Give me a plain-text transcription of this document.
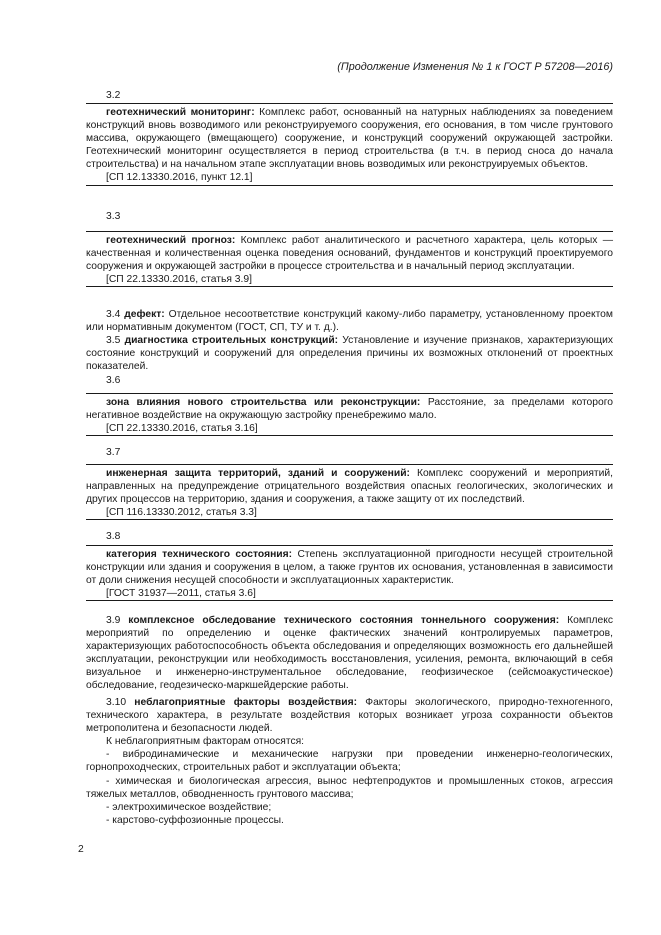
(Продолжение Изменения № 1 к ГОСТ Р 57208—2016)
3.2

геотехнический мониторинг: Комплекс работ, основанный на натурных наблюдениях за поведением конструкций вновь возводимого или реконструируемого сооружения, его основания, в том числе грунтового массива, окружающего (вмещающего) сооружение, и конструкций сооружений окружающей застройки. Геотехнический мониторинг осуществляется в период строительства (в т.ч. в период сноса до начала строительства) и на начальном этапе эксплуатации вновь возводимых или реконструируемых объектов.

[СП 12.13330.2016, пункт 12.1]

3.3

геотехнический прогноз: Комплекс работ аналитического и расчетного характера, цель которых — качественная и количественная оценка поведения оснований, фундаментов и конструкций проектируемого сооружения и окружающей застройки в процессе строительства и в начальный период эксплуатации.

[СП 22.13330.2016, статья 3.9]

3.4 дефект: Отдельное несоответствие конструкций какому-либо параметру, установленному проектом или нормативным документом (ГОСТ, СП, ТУ и т. д.).
3.5 диагностика строительных конструкций: Установление и изучение признаков, характеризующих состояние конструкций и сооружений для определения причины их возможных отклонений от проектных показателей.
3.6

зона влияния нового строительства или реконструкции: Расстояние, за пределами которого негативное воздействие на окружающую застройку пренебрежимо мало.

[СП 22.13330.2016, статья 3.16]

3.7

инженерная защита территорий, зданий и сооружений: Комплекс сооружений и мероприятий, направленных на предупреждение отрицательного воздействия опасных геологических, экологических и других процессов на территорию, здания и сооружения, а также защиту от их последствий.

[СП 116.13330.2012, статья 3.3]

3.8

категория технического состояния: Степень эксплуатационной пригодности несущей строительной конструкции или здания и сооружения в целом, а также грунтов их основания, установленная в зависимости от доли снижения несущей способности и эксплуатационных характеристик.

[ГОСТ 31937—2011, статья 3.6]

3.9 комплексное обследование технического состояния тоннельного сооружения: Комплекс мероприятий по определению и оценке фактических значений контролируемых параметров, характеризующих работоспособность объекта обследования и определяющих возможность его дальнейшей эксплуатации, реконструкции или необходимость восстановления, усиления, ремонта, включающий в себя визуальное и инженерно-инструментальное обследование, геофизическое (сейсмоакустическое) обследование, геодезическо-маркшейдерские работы.
3.10 неблагоприятные факторы воздействия: Факторы экологического, природно-техногенного, технического характера, в результате воздействия которых возникает угроза сохранности объектов метрополитена и безопасности людей.
К неблагоприятным факторам относятся:
- вибродинамические и механические нагрузки при проведении инженерно-геологических, горнопроходческих, строительных работ и эксплуатации объекта;
- химическая и биологическая агрессия, вынос нефтепродуктов и промышленных стоков, агрессия тяжелых металлов, обводненность грунтового массива;
- электрохимическое воздействие;
- карстово-суффозионные процессы.
2
